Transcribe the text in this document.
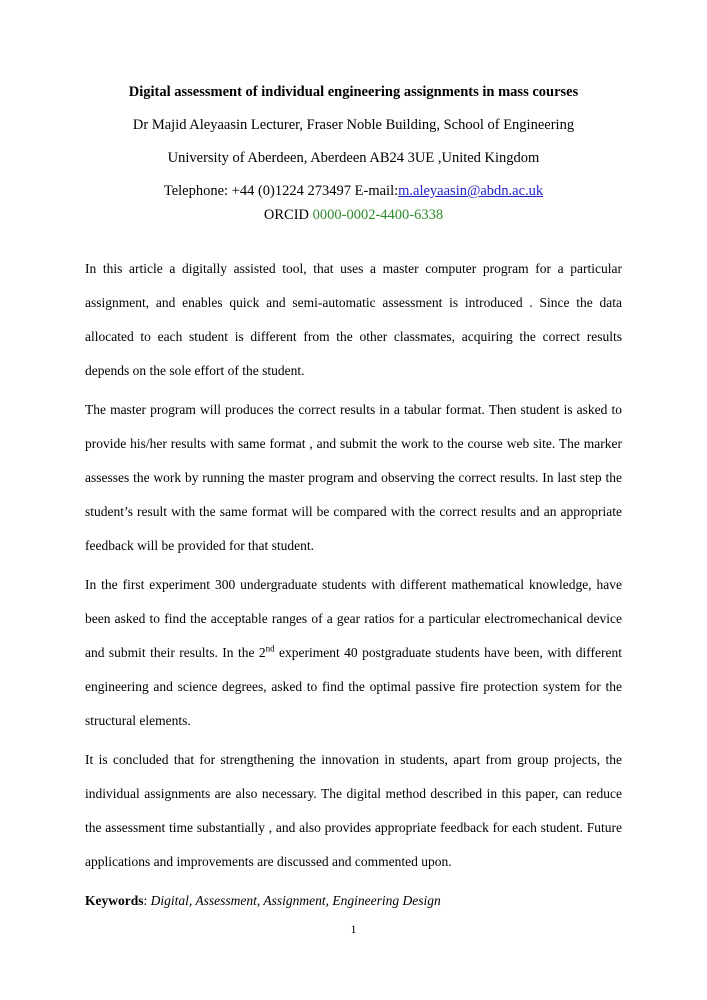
Digital assessment of individual engineering assignments in mass courses

Dr Majid Aleyaasin Lecturer, Fraser Noble Building, School of Engineering

University of Aberdeen, Aberdeen AB24 3UE ,United Kingdom

Telephone: +44 (0)1224 273497 E-mail:m.aleyaasin@abdn.ac.uk

ORCID 0000-0002-4400-6338

In this article a digitally assisted tool, that uses a master computer program for a particular assignment, and enables quick and semi-automatic assessment is introduced . Since the data allocated to each student is different from the other classmates, acquiring the correct results depends on the sole effort of the student.

The master program will produces the correct results in a tabular format. Then student is asked to provide his/her results with same format , and submit the work to the course web site. The marker assesses the work by running the master program and observing the correct results. In last step the student’s result with the same format will be compared with the correct results and an appropriate feedback will be provided for that student.

In the first experiment 300 undergraduate students with different mathematical knowledge, have been asked to find the acceptable ranges of a gear ratios for a particular electromechanical device and submit their results. In the 2nd experiment 40 postgraduate students have been, with different engineering and science degrees, asked to find the optimal passive fire protection system for the structural elements.

It is concluded that for strengthening the innovation in students, apart from group projects, the individual assignments are also necessary. The digital method described in this paper, can reduce the assessment time substantially , and also provides appropriate feedback for each student. Future applications and improvements are discussed and commented upon.

Keywords: Digital, Assessment, Assignment, Engineering Design

1
